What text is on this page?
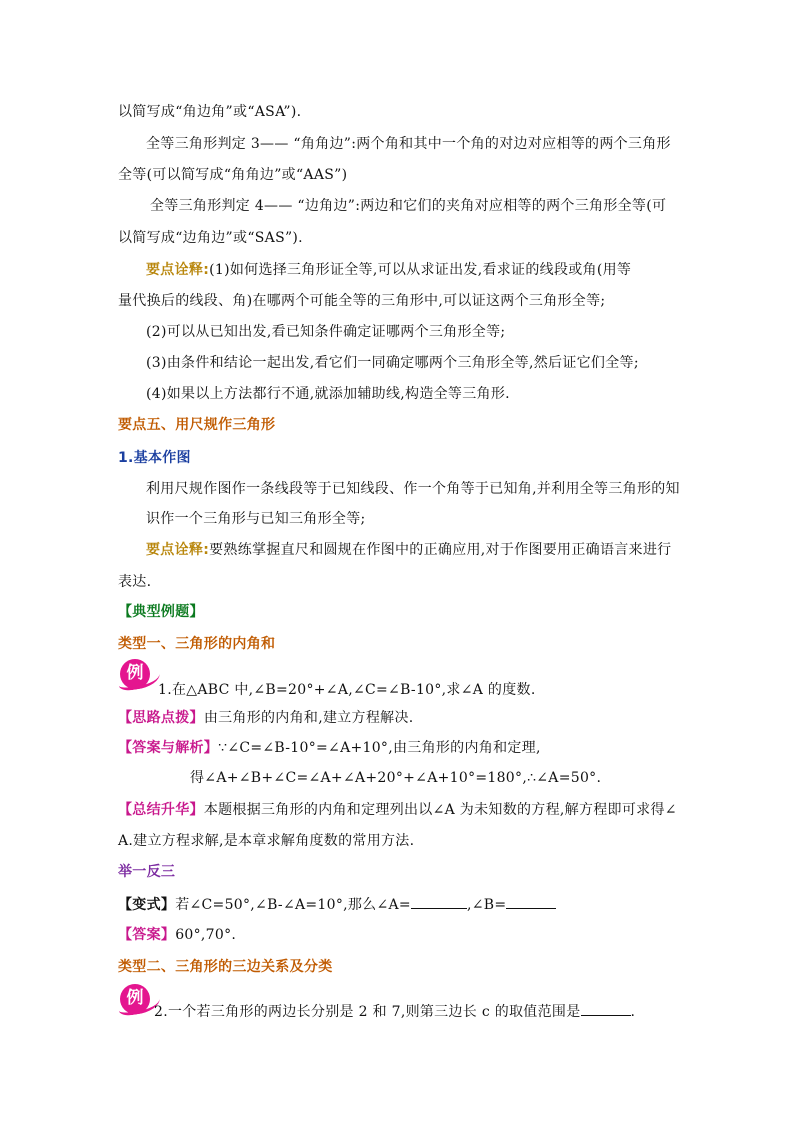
以简写成“角边角”或“ASA”).
全等三角形判定 3—— “角角边”:两个角和其中一个角的对边对应相等的两个三角形
全等(可以简写成“角角边”或“AAS”)
全等三角形判定 4—— “边角边”:两边和它们的夹角对应相等的两个三角形全等(可
以简写成“边角边”或“SAS”).
要点诠释:(1)如何选择三角形证全等,可以从求证出发,看求证的线段或角(用等
量代换后的线段、角)在哪两个可能全等的三角形中,可以证这两个三角形全等;
(2)可以从已知出发,看已知条件确定证哪两个三角形全等;
(3)由条件和结论一起出发,看它们一同确定哪两个三角形全等,然后证它们全等;
(4)如果以上方法都行不通,就添加辅助线,构造全等三角形.
要点五、用尺规作三角形
1.基本作图
利用尺规作图作一条线段等于已知线段、作一个角等于已知角,并利用全等三角形的知
识作一个三角形与已知三角形全等;
要点诠释:要熟练掌握直尺和圆规在作图中的正确应用,对于作图要用正确语言来进行
表达.
【典型例题】
类型一、三角形的内角和
例
1.在△ABC 中,∠B=20°+∠A,∠C=∠B-10°,求∠A 的度数.
【思路点拨】由三角形的内角和,建立方程解决.
【答案与解析】∵∠C=∠B-10°=∠A+10°,由三角形的内角和定理,
得∠A+∠B+∠C=∠A+∠A+20°+∠A+10°=180°,∴∠A=50°.
【总结升华】本题根据三角形的内角和定理列出以∠A 为未知数的方程,解方程即可求得∠
A.建立方程求解,是本章求解角度数的常用方法.
举一反三
【变式】若∠C=50°,∠B-∠A=10°,那么∠A=	,∠B=
【答案】60°,70°.
类型二、三角形的三边关系及分类
例
2.一个若三角形的两边长分别是 2 和 7,则第三边长 c 的取值范围是	.
